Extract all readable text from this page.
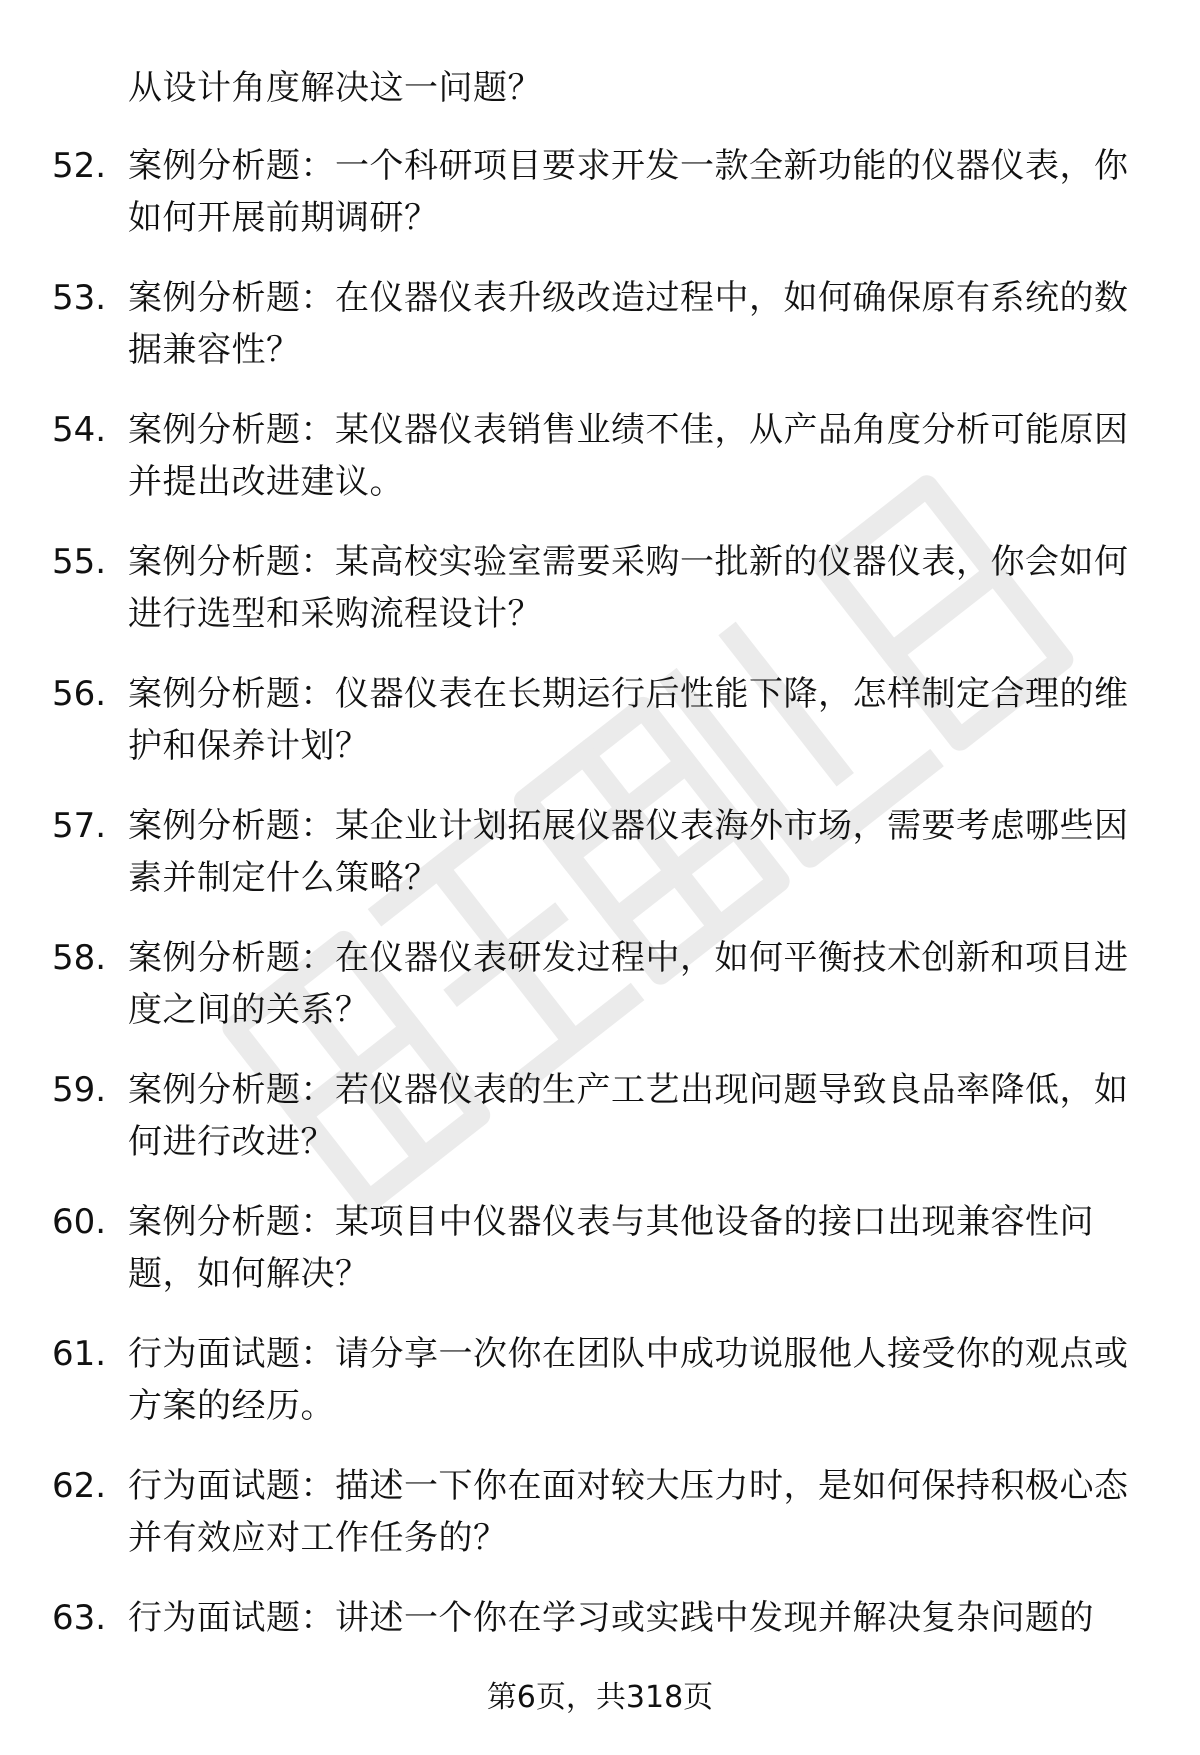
从设计角度解决这一问题？
52. 案例分析题：一个科研项目要求开发一款全新功能的仪器仪表，你如何开展前期调研？
53. 案例分析题：在仪器仪表升级改造过程中，如何确保原有系统的数据兼容性？
54. 案例分析题：某仪器仪表销售业绩不佳，从产品角度分析可能原因并提出改进建议。
55. 案例分析题：某高校实验室需要采购一批新的仪器仪表，你会如何进行选型和采购流程设计？
56. 案例分析题：仪器仪表在长期运行后性能下降，怎样制定合理的维护和保养计划？
57. 案例分析题：某企业计划拓展仪器仪表海外市场，需要考虑哪些因素并制定什么策略？
58. 案例分析题：在仪器仪表研发过程中，如何平衡技术创新和项目进度之间的关系？
59. 案例分析题：若仪器仪表的生产工艺出现问题导致良品率降低，如何进行改进？
60. 案例分析题：某项目中仪器仪表与其他设备的接口出现兼容性问题，如何解决？
61. 行为面试题：请分享一次你在团队中成功说服他人接受你的观点或方案的经历。
62. 行为面试题：描述一下你在面对较大压力时，是如何保持积极心态并有效应对工作任务的？
63. 行为面试题：讲述一个你在学习或实践中发现并解决复杂问题的
第6页，共318页
